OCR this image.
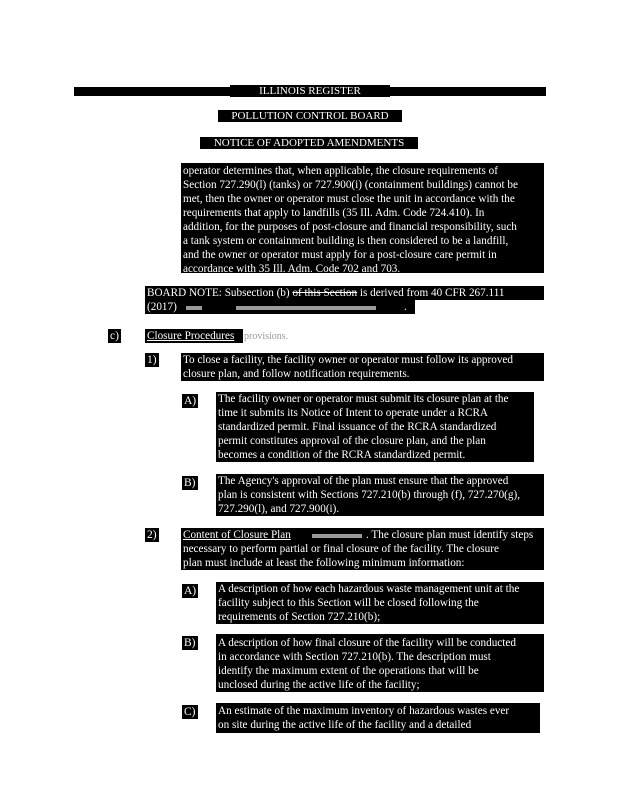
ILLINOIS REGISTER
POLLUTION CONTROL BOARD
NOTICE OF ADOPTED AMENDMENTS
operator determines that, when applicable, the closure requirements of
Section 727.290(l) (tanks) or 727.900(i) (containment buildings) cannot be
met, then the owner or operator must close the unit in accordance with the
requirements that apply to landfills (35 Ill. Adm. Code 724.410). In
addition, for the purposes of post-closure and financial responsibility, such
a tank system or containment building is then considered to be a landfill,
and the owner or operator must apply for a post-closure care permit in
accordance with 35 Ill. Adm. Code 702 and 703.
BOARD NOTE: Subsection (b) of this Section is derived from 40 CFR 267.111
(2017)	.
c)	Closure Procedures provisions.
1) To close a facility, the facility owner or operator must follow its approved
closure plan, and follow notification requirements.
A) The facility owner or operator must submit its closure plan at the
time it submits its Notice of Intent to operate under a RCRA
standardized permit. Final issuance of the RCRA standardized
permit constitutes approval of the closure plan, and the plan
becomes a condition of the RCRA standardized permit.
B) The Agency's approval of the plan must ensure that the approved
plan is consistent with Sections 727.210(b) through (f), 727.270(g),
727.290(l), and 727.900(i).
2) Content of Closure Plan	. The closure plan must identify steps
necessary to perform partial or final closure of the facility. The closure
plan must include at least the following minimum information:
A) A description of how each hazardous waste management unit at the
facility subject to this Section will be closed following the
requirements of Section 727.210(b);
B) A description of how final closure of the facility will be conducted
in accordance with Section 727.210(b). The description must
identify the maximum extent of the operations that will be
unclosed during the active life of the facility;
C) An estimate of the maximum inventory of hazardous wastes ever
on site during the active life of the facility and a detailed
